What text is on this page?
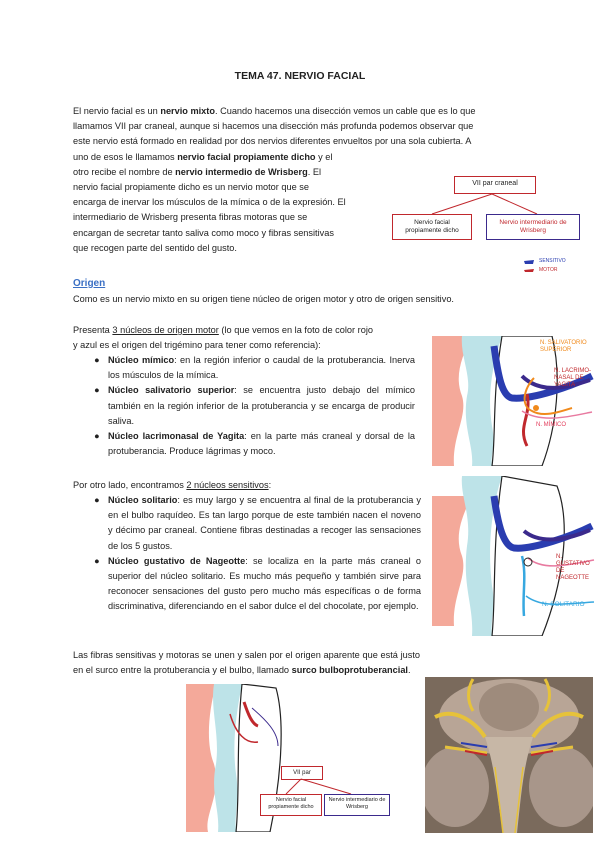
TEMA 47. NERVIO FACIAL
El nervio facial es un nervio mixto. Cuando hacemos una disección vemos un cable que es lo que
llamamos VII par craneal, aunque si hacemos una disección más profunda podemos observar que
este nervio está formado en realidad por dos nervios diferentes envueltos por una sola cubierta. A
uno de esos le llamamos nervio facial propiamente dicho y el
otro recibe el nombre de nervio intermedio de Wrisberg. El
nervio facial propiamente dicho es un nervio motor que se
encarga de inervar los músculos de la mímica o de la expresión. El
intermediario de Wrisberg presenta fibras motoras que se
encargan de secretar tanto saliva como moco y fibras sensitivas
que recogen parte del sentido del gusto.
VII par craneal
Nervio facial propiamente dicho
Nervio intermediario de Wrisberg
SENSITIVO
MOTOR
Origen
Como es un nervio mixto en su origen tiene núcleo de origen motor y otro de origen sensitivo.
Presenta 3 núcleos de origen motor (lo que vemos en la foto de color rojo y azul es el origen del trigémino para tener como referencia):
● Núcleo mímico: en la región inferior o caudal de la protuberancia. Inerva los músculos de la mímica.
● Núcleo salivatorio superior: se encuentra justo debajo del mímico también en la región inferior de la protuberancia y se encarga de producir saliva.
● Núcleo lacrimonasal de Yagita: en la parte más craneal y dorsal de la protuberancia. Produce lágrimas y moco.
Por otro lado, encontramos 2 núcleos sensitivos:
● Núcleo solitario: es muy largo y se encuentra al final de la protuberancia y en el bulbo raquídeo. Es tan largo porque de este también nacen el noveno y décimo par craneal. Contiene fibras destinadas a recoger las sensaciones de los 5 gustos.
● Núcleo gustativo de Nageotte: se localiza en la parte más craneal o superior del núcleo solitario. Es mucho más pequeño y también sirve para reconocer sensaciones del gusto pero mucho más específicas o de forma discriminativa, diferenciando en el sabor dulce el del chocolate, por ejemplo.
Las fibras sensitivas y motoras se unen y salen por el origen aparente que está justo en el surco entre la protuberancia y el bulbo, llamado surco bulboprotuberancial.
N. SALIVATORIO SUPERIOR
N. LACRIMO-NASAL DE YAGITA
N. MÍMICO
N. GUSTATIVO DE NAGEOTTE
N. SOLITARIO
VII par
Nervio facial propiamente dicho
Nervio intermediario de Wrisberg
